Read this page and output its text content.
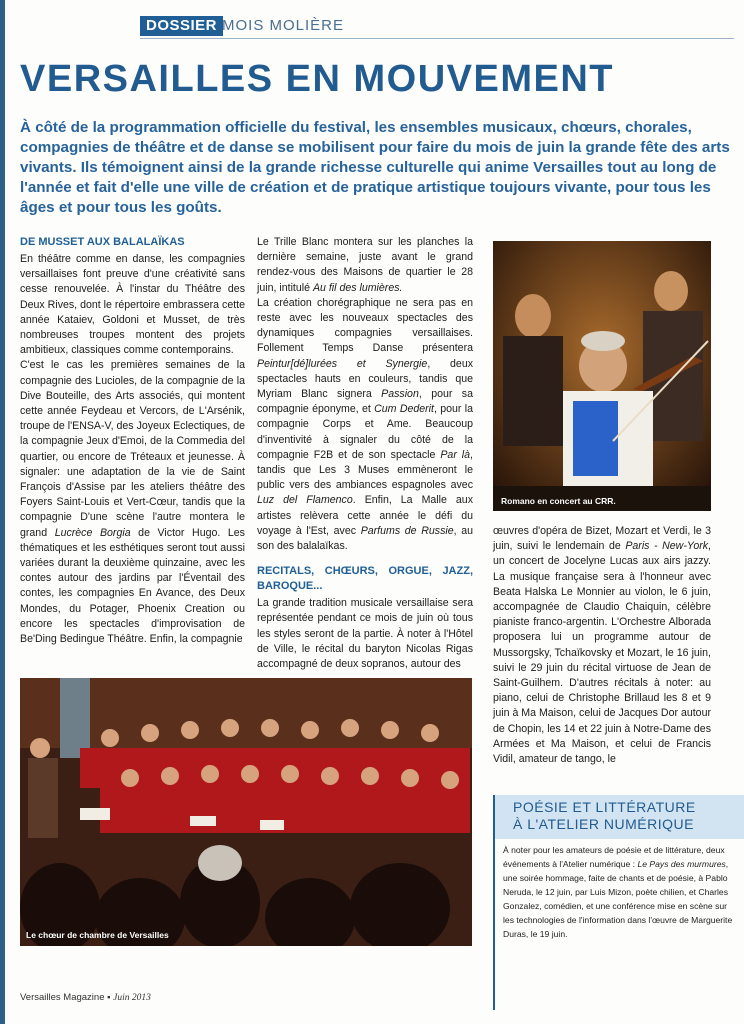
DOSSIER MOIS MOLIÈRE
VERSAILLES EN MOUVEMENT

À côté de la programmation officielle du festival, les ensembles musicaux, chœurs, chorales, compagnies de théâtre et de danse se mobilisent pour faire du mois de juin la grande fête des arts vivants. Ils témoignent ainsi de la grande richesse culturelle qui anime Versailles tout au long de l'année et fait d'elle une ville de création et de pratique artistique toujours vivante, pour tous les âges et pour tous les goûts.

DE MUSSET AUX BALALAÏKAS

En théâtre comme en danse, les compagnies versaillaises font preuve d'une créativité sans cesse renouvelée. À l'instar du Théâtre des Deux Rives, dont le répertoire embrassera cette année Kataiev, Goldoni et Musset, de très nombreuses troupes montent des projets ambitieux, classiques comme contemporains.

C'est le cas les premières semaines de la compagnie des Lucioles, de la compagnie de la Dive Bouteille, des Arts associés, qui montent cette année Feydeau et Vercors, de L'Arsénik, troupe de l'ENSA-V, des Joyeux Eclectiques, de la compagnie Jeux d'Emoi, de la Commedia del quartier, ou encore de Tréteaux et jeunesse. À signaler: une adaptation de la vie de Saint François d'Assise par les ateliers théâtre des Foyers Saint-Louis et Vert-Cœur, tandis que la compagnie D'une scène l'autre montera le grand Lucrèce Borgia de Victor Hugo. Les thématiques et les esthétiques seront tout aussi variées durant la deuxième quinzaine, avec les contes autour des jardins par l'Éventail des contes, les compagnies En Avance, des Deux Mondes, du Potager, Phoenix Creation ou encore les spectacles d'improvisation de Be'Ding Bedingue Théâtre. Enfin, la compagnie

Le Trille Blanc montera sur les planches la dernière semaine, juste avant le grand rendez-vous des Maisons de quartier le 28 juin, intitulé Au fil des lumières.

La création chorégraphique ne sera pas en reste avec les nouveaux spectacles des dynamiques compagnies versaillaises. Follement Temps Danse présentera Peintur[dé]lurées et Synergie, deux spectacles hauts en couleurs, tandis que Myriam Blanc signera Passion, pour sa compagnie éponyme, et Cum Dederit, pour la compagnie Corps et Ame. Beaucoup d'inventivité à signaler du côté de la compagnie F2B et de son spectacle Par là, tandis que Les 3 Muses emmèneront le public vers des ambiances espagnoles avec Luz del Flamenco. Enfin, La Malle aux artistes relèvera cette année le défi du voyage à l'Est, avec Parfums de Russie, au son des balalaïkas.

RECITALS, CHŒURS, ORGUE, JAZZ, BAROQUE...

La grande tradition musicale versaillaise sera représentée pendant ce mois de juin où tous les styles seront de la partie. À noter à l'Hôtel de Ville, le récital du baryton Nicolas Rigas accompagné de deux sopranos, autour des

Romano en concert au CRR.

œuvres d'opéra de Bizet, Mozart et Verdi, le 3 juin, suivi le lendemain de Paris - New-York, un concert de Jocelyne Lucas aux airs jazzy. La musique française sera à l'honneur avec Beata Halska Le Monnier au violon, le 6 juin, accompagnée de Claudio Chaiquin, célèbre pianiste franco-argentin. L'Orchestre Alborada proposera lui un programme autour de Mussorgsky, Tchaïkovsky et Mozart, le 16 juin, suivi le 29 juin du récital virtuose de Jean de Saint-Guilhem. D'autres récitals à noter: au piano, celui de Christophe Brillaud les 8 et 9 juin à Ma Maison, celui de Jacques Dor autour de Chopin, les 14 et 22 juin à Notre-Dame des Armées et Ma Maison, et celui de Francis Vidil, amateur de tango, le

Le chœur de chambre de Versailles
POÉSIE ET LITTÉRATURE
À L'ATELIER NUMÉRIQUE
À noter pour les amateurs de poésie et de littérature, deux événements à l'Atelier numérique : Le Pays des murmures, une soirée hommage, faite de chants et de poésie, à Pablo Neruda, le 12 juin, par Luis Mizon, poète chilien, et Charles Gonzalez, comédien, et une conférence mise en scène sur les technologies de l'information dans l'œuvre de Marguerite Duras, le 19 juin.
Versailles Magazine ▪ Juin 2013
